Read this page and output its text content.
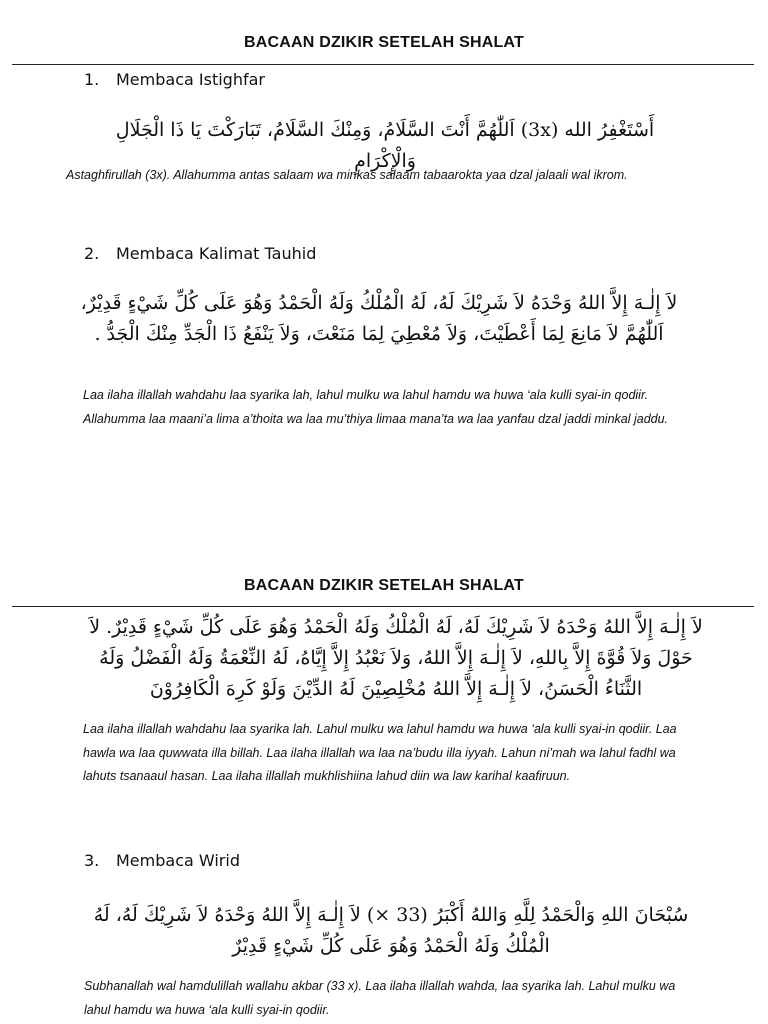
BACAAN DZIKIR SETELAH SHALAT
1. Membaca Istighfar
أَسْتَغْفِرُ الله (3x) اَللّٰهُمَّ أَنْتَ السَّلَامُ، وَمِنْكَ السَّلَامُ، تَبَارَكْتَ يَا ذَا الْجَلَالِ وَالْإِكْرَامِ
Astaghfirullah (3x). Allahumma antas salaam wa minkas salaam tabaarokta yaa dzal jalaali wal ikrom.
2. Membaca Kalimat Tauhid
لاَ إِلٰـهَ إِلاَّ اللهُ وَحْدَهُ لاَ شَرِيْكَ لَهُ، لَهُ الْمُلْكُ وَلَهُ الْحَمْدُ وَهُوَ عَلَى كُلِّ شَيْءٍ قَدِيْرٌ، اَللّٰهُمَّ لاَ مَانِعَ لِمَا أَعْطَيْتَ، وَلاَ مُعْطِيَ لِمَا مَنَعْتَ، وَلاَ يَنْفَعُ ذَا الْجَدِّ مِنْكَ الْجَدُّ .
Laa ilaha illallah wahdahu laa syarika lah, lahul mulku wa lahul hamdu wa huwa ‘ala kulli syai-in qodiir. Allahumma laa maani’a lima a’thoita wa laa mu’thiya limaa mana’ta wa laa yanfau dzal jaddi minkal jaddu.
BACAAN DZIKIR SETELAH SHALAT
لاَ إِلٰـهَ إِلاَّ اللهُ وَحْدَهُ لاَ شَرِيْكَ لَهُ، لَهُ الْمُلْكُ وَلَهُ الْحَمْدُ وَهُوَ عَلَى كُلِّ شَيْءٍ قَدِيْرٌ. لاَ حَوْلَ وَلاَ قُوَّةَ إِلاَّ بِاللهِ، لاَ إِلٰـهَ إِلاَّ اللهُ، وَلاَ نَعْبُدُ إِلاَّ إِيَّاهُ، لَهُ النِّعْمَةُ وَلَهُ الْفَضْلُ وَلَهُ الثَّنَاءُ الْحَسَنُ، لاَ إِلٰـهَ إِلاَّ اللهُ مُخْلِصِيْنَ لَهُ الدِّيْنَ وَلَوْ كَرِهَ الْكَافِرُوْنَ
Laa ilaha illallah wahdahu laa syarika lah. Lahul mulku wa lahul hamdu wa huwa ‘ala kulli syai-in qodiir. Laa hawla wa laa quwwata illa billah. Laa ilaha illallah wa laa na’budu illa iyyah. Lahun ni’mah wa lahul fadhl wa lahuts tsanaaul hasan. Laa ilaha illallah mukhlishiina lahud diin wa law karihal kaafiruun.
3. Membaca Wirid
سُبْحَانَ اللهِ وَالْحَمْدُ لِلَّهِ وَاللهُ أَكْبَرُ (33 ×) لاَ إِلٰـهَ إِلاَّ اللهُ وَحْدَهُ لاَ شَرِيْكَ لَهُ، لَهُ الْمُلْكُ وَلَهُ الْحَمْدُ وَهُوَ عَلَى كُلِّ شَيْءٍ قَدِيْرٌ
Subhanallah wal hamdulillah wallahu akbar (33 x). Laa ilaha illallah wahda, laa syarika lah. Lahul mulku wa lahul hamdu wa huwa ‘ala kulli syai-in qodiir.
